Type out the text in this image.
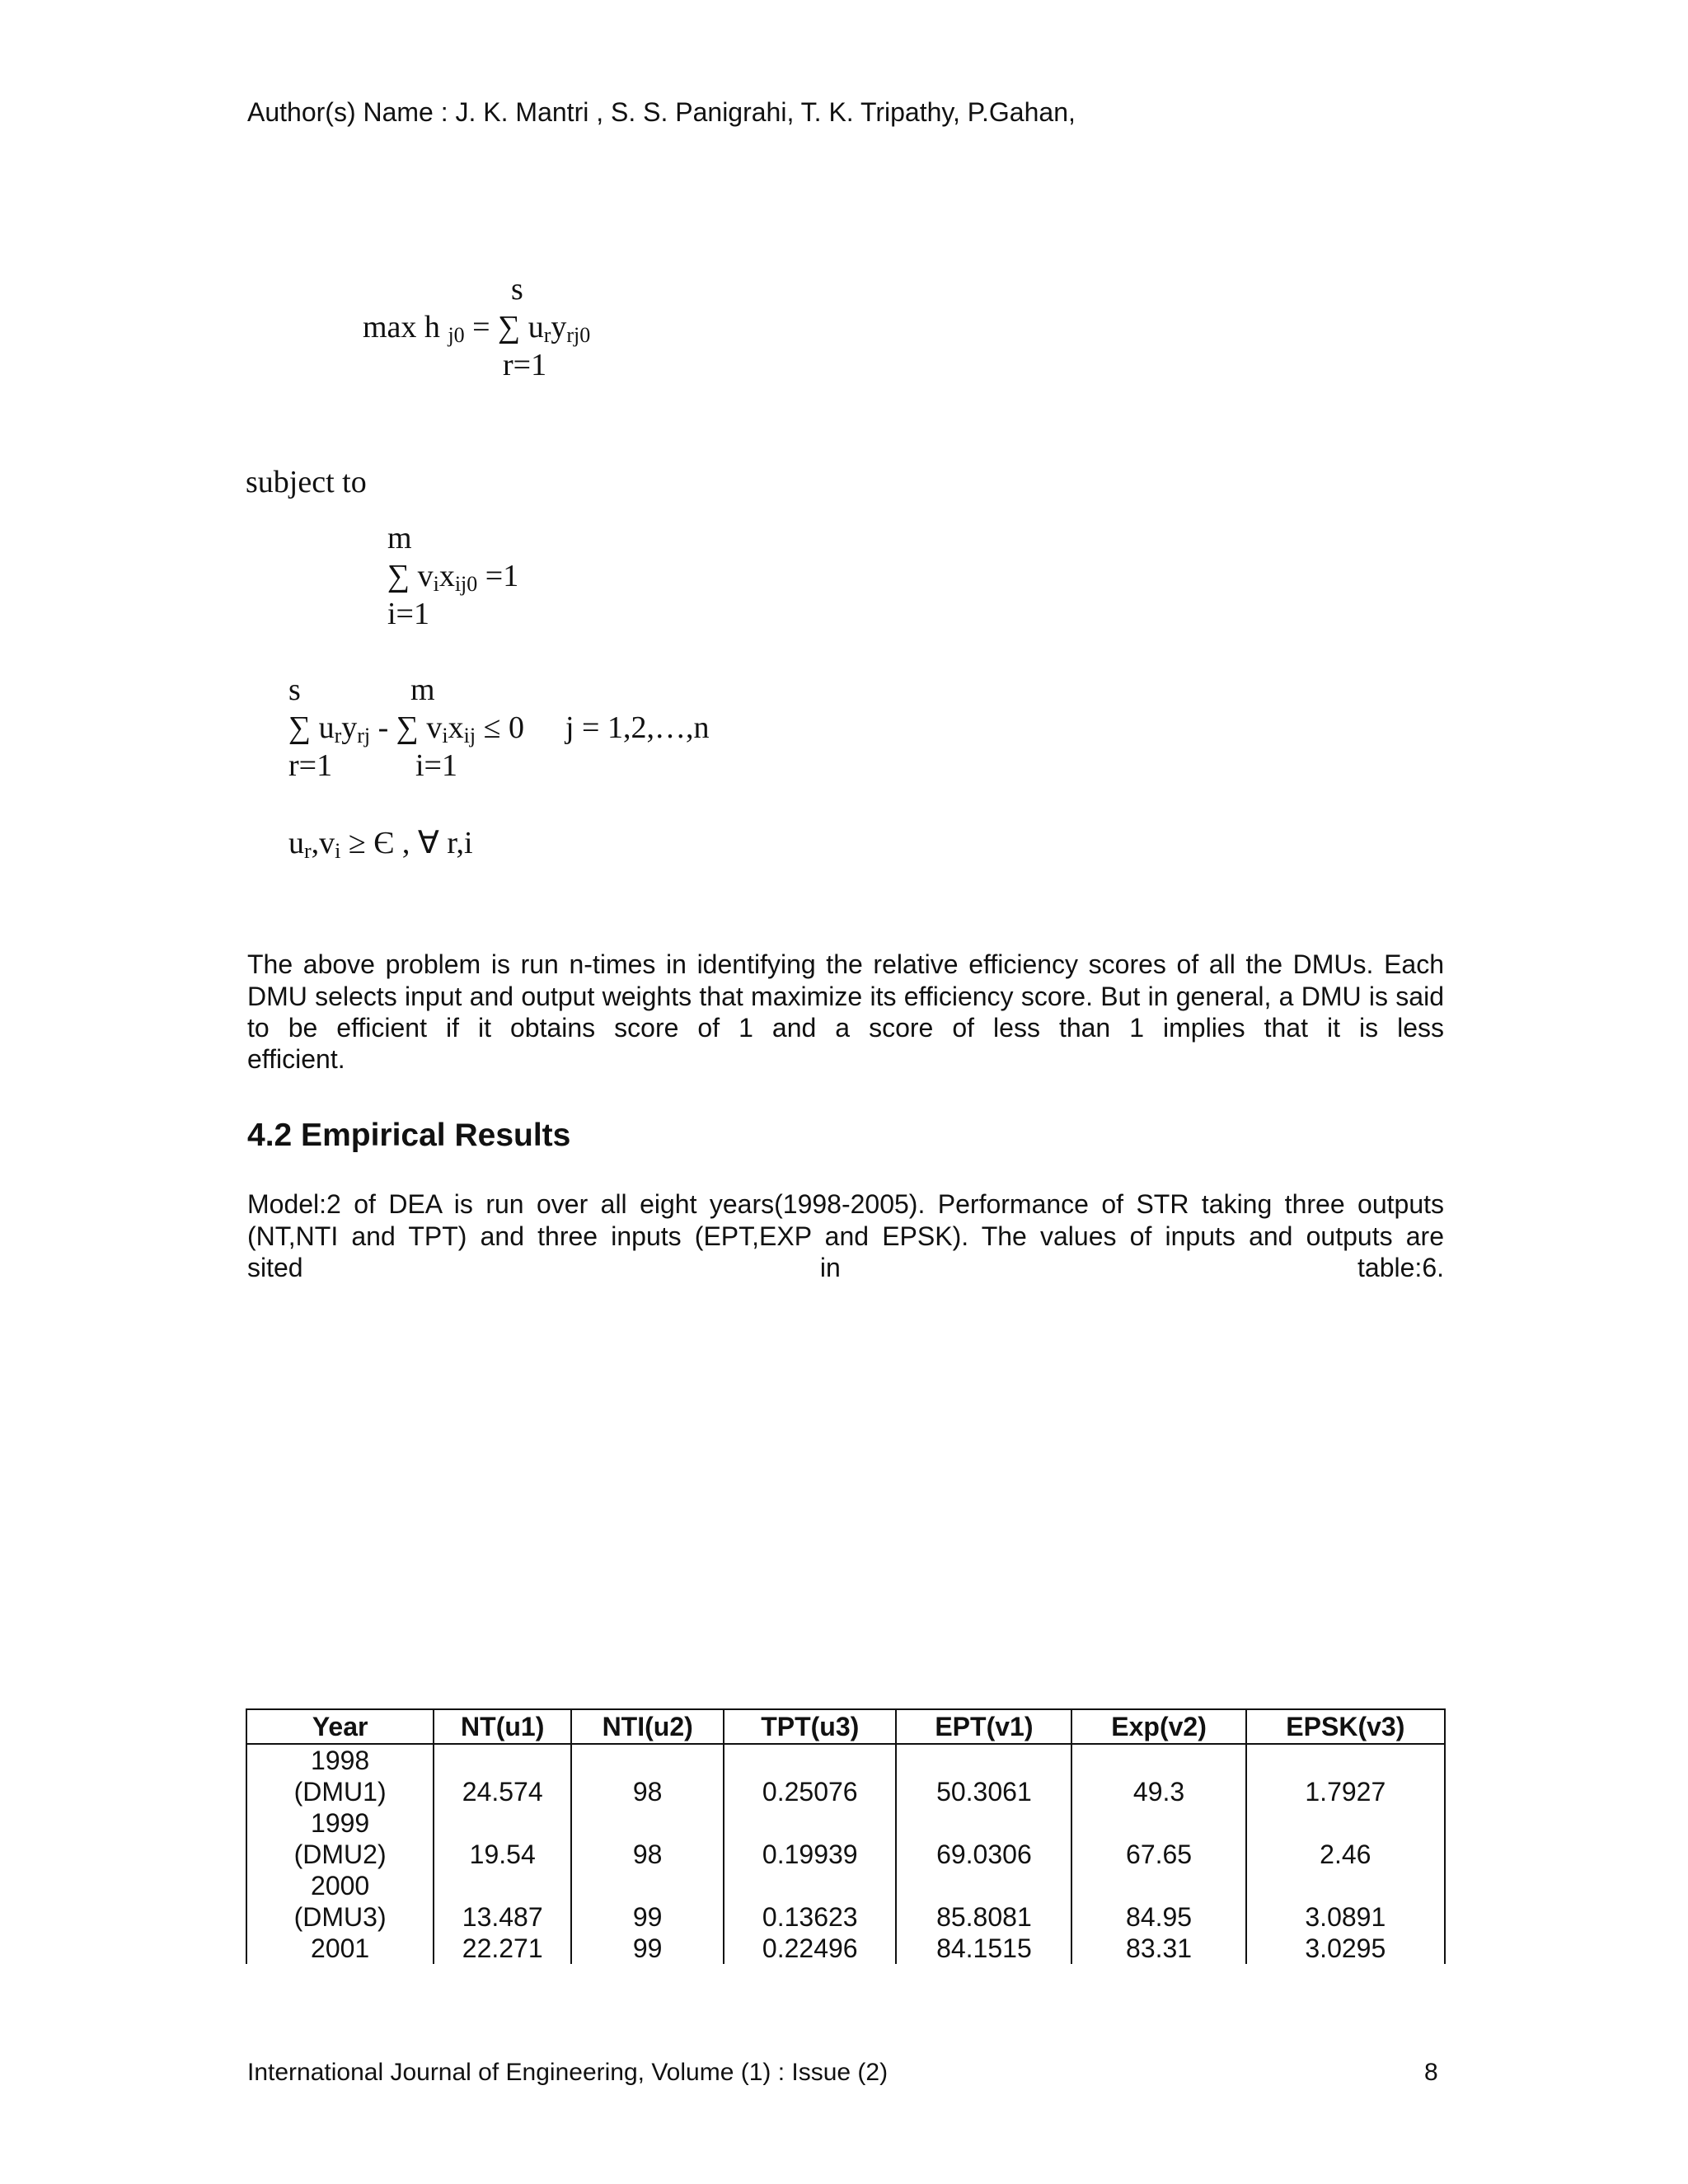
Author(s) Name : J. K. Mantri , S. S. Panigrahi, T. K. Tripathy, P.Gahan,
s
max h $_{j0}$ = ∑ $u_ry_{rj0}$
r=1
subject to
m
∑ $v_ix_{ij0} =1$
i=1
s	m
∑ $u_ry_{rj}$ - ∑ $v_ix_{ij} \le 0$ j = 1,2,…,n
r=1	i=1
$u_r,v_i \ge Є$ , ∀ r,i
The above problem is run n-times in identifying the relative efficiency scores of all the DMUs. Each DMU selects input and output weights that maximize its efficiency score. But in general, a DMU is said to be efficient if it obtains score of 1 and a score of less than 1 implies that it is less
efficient.
4.2 Empirical Results
Model:2 of DEA is run over all eight years(1998-2005). Performance of STR taking three outputs (NT,NTI and TPT) and three inputs (EPT,EXP and EPSK). The values of inputs and outputs are
sited in table:6.
Year	NT(u1)	NTI(u2)	TPT(u3)	EPT(v1)	Exp(v2)	EPSK(v3)

1998
(DMU1)	24.574	98	0.25076	50.3061	49.3	1.7927

1999
(DMU2)	19.54	98	0.19939	69.0306	67.65	2.46

2000
(DMU3)	13.487	99	0.13623	85.8081	84.95	3.0891

2001	22.271	99	0.22496	84.1515	83.31	3.0295
International Journal of Engineering, Volume (1) : Issue (2)	8
